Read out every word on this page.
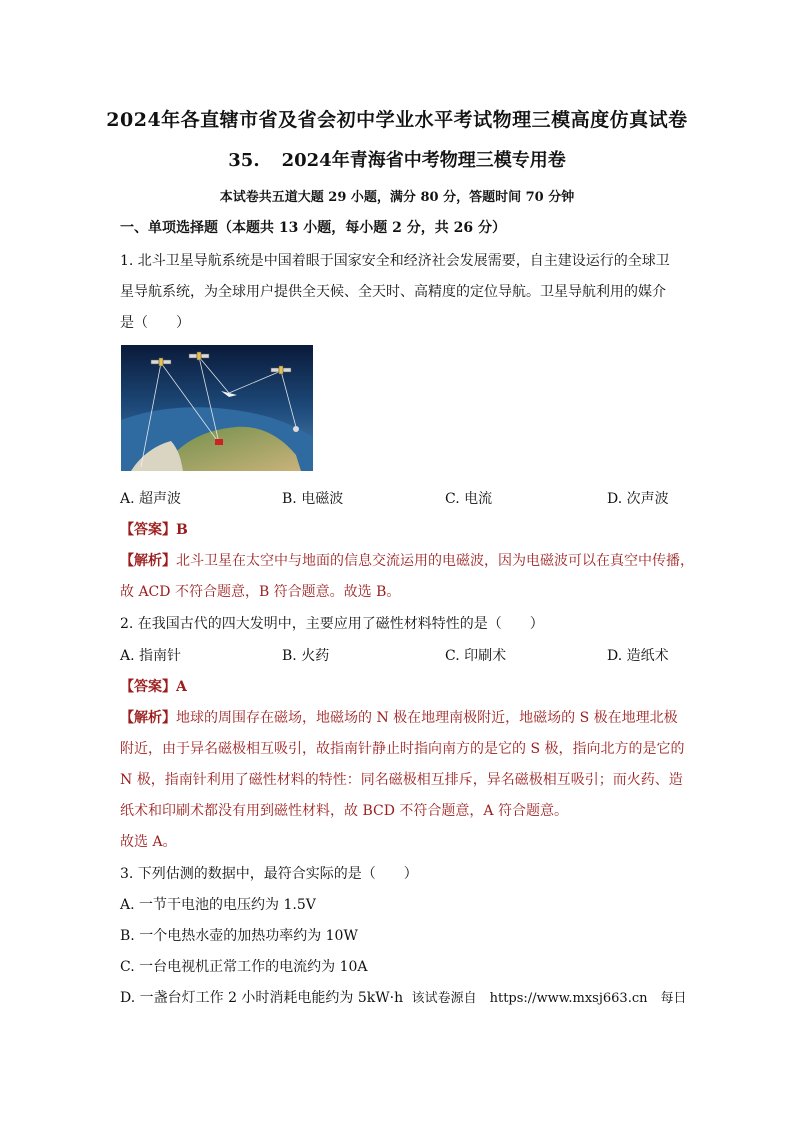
2024年各直辖市省及省会初中学业水平考试物理三模高度仿真试卷
35. 2024年青海省中考物理三模专用卷
本试卷共五道大题 29 小题，满分 80 分，答题时间 70 分钟
一、单项选择题（本题共 13 小题，每小题 2 分，共 26 分）
1. 北斗卫星导航系统是中国着眼于国家安全和经济社会发展需要，自主建设运行的全球卫
星导航系统，为全球用户提供全天候、全天时、高精度的定位导航。卫星导航利用的媒介
是（　　）
A. 超声波	B. 电磁波	C. 电流	D. 次声波
【答案】B
【解析】北斗卫星在太空中与地面的信息交流运用的电磁波，因为电磁波可以在真空中传播，
故 ACD 不符合题意，B 符合题意。故选 B。
2. 在我国古代的四大发明中，主要应用了磁性材料特性的是（　　）
A. 指南针	B. 火药	C. 印刷术	D. 造纸术
【答案】A
【解析】地球的周围存在磁场，地磁场的 N 极在地理南极附近，地磁场的 S 极在地理北极
附近，由于异名磁极相互吸引，故指南针静止时指向南方的是它的 S 极，指向北方的是它的
N 极，指南针利用了磁性材料的特性：同名磁极相互排斥，异名磁极相互吸引；而火药、造
纸术和印刷术都没有用到磁性材料，故 BCD 不符合题意，A 符合题意。
故选 A。
3. 下列估测的数据中，最符合实际的是（　　）
A. 一节干电池的电压约为 1.5V
B. 一个电热水壶的加热功率约为 10W
C. 一台电视机正常工作的电流约为 10A
D. 一盏台灯工作 2 小时消耗电能约为 5kW·h 该试卷源自　https://www.mxsj663.cn　每日
